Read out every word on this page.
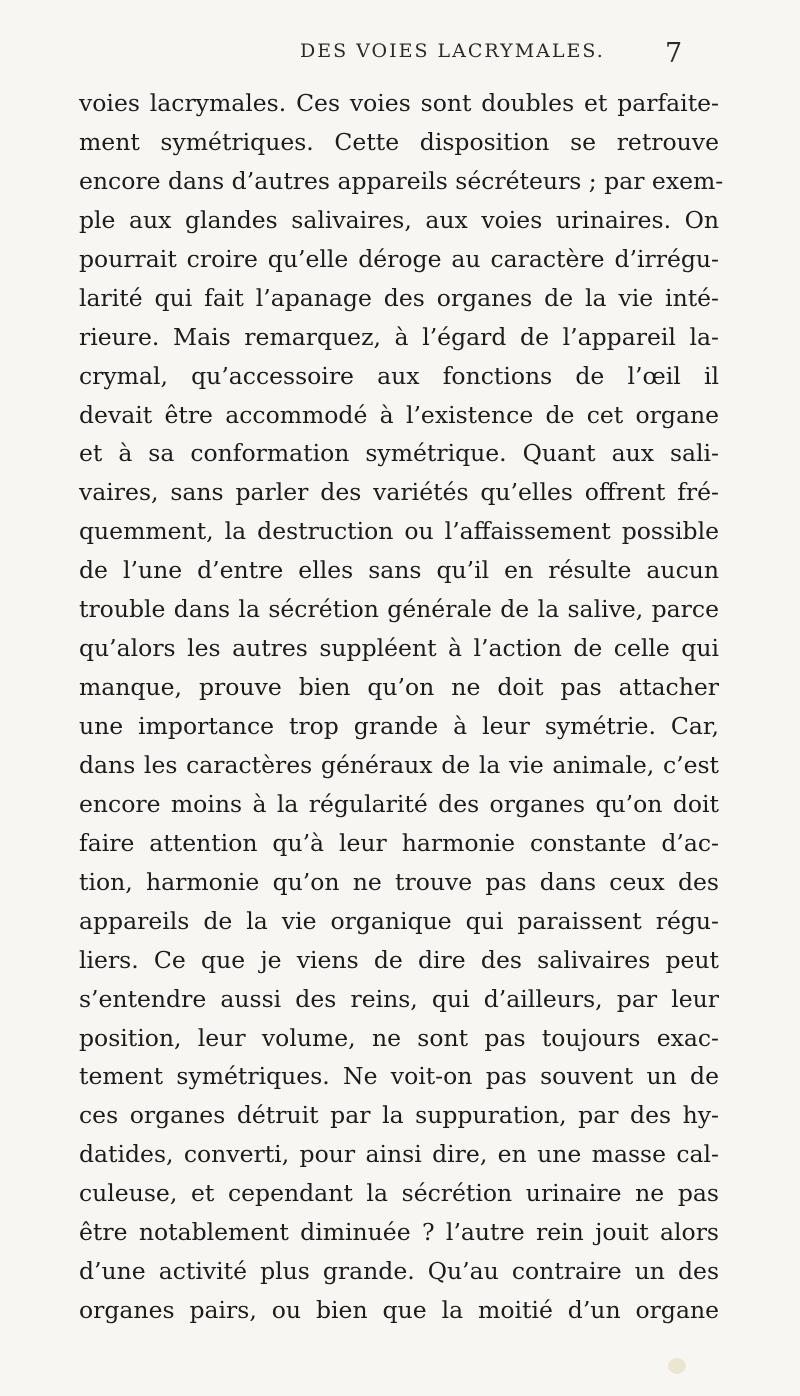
DES VOIES LACRYMALES. 7
voies lacrymales. Ces voies sont doubles et parfaite-
ment symétriques. Cette disposition se retrouve
encore dans d’autres appareils sécréteurs ; par exem-
ple aux glandes salivaires, aux voies urinaires. On
pourrait croire qu’elle déroge au caractère d’irrégu-
larité qui fait l’apanage des organes de la vie inté-
rieure. Mais remarquez, à l’égard de l’appareil la-
crymal, qu’accessoire aux fonctions de l’œil il
devait être accommodé à l’existence de cet organe
et à sa conformation symétrique. Quant aux sali-
vaires, sans parler des variétés qu’elles offrent fré-
quemment, la destruction ou l’affaissement possible
de l’une d’entre elles sans qu’il en résulte aucun
trouble dans la sécrétion générale de la salive, parce
qu’alors les autres suppléent à l’action de celle qui
manque, prouve bien qu’on ne doit pas attacher
une importance trop grande à leur symétrie. Car,
dans les caractères généraux de la vie animale, c’est
encore moins à la régularité des organes qu’on doit
faire attention qu’à leur harmonie constante d’ac-
tion, harmonie qu’on ne trouve pas dans ceux des
appareils de la vie organique qui paraissent régu-
liers. Ce que je viens de dire des salivaires peut
s’entendre aussi des reins, qui d’ailleurs, par leur
position, leur volume, ne sont pas toujours exac-
tement symétriques. Ne voit-on pas souvent un de
ces organes détruit par la suppuration, par des hy-
datides, converti, pour ainsi dire, en une masse cal-
culeuse, et cependant la sécrétion urinaire ne pas
être notablement diminuée ? l’autre rein jouit alors
d’une activité plus grande. Qu’au contraire un des
organes pairs, ou bien que la moitié d’un organe
